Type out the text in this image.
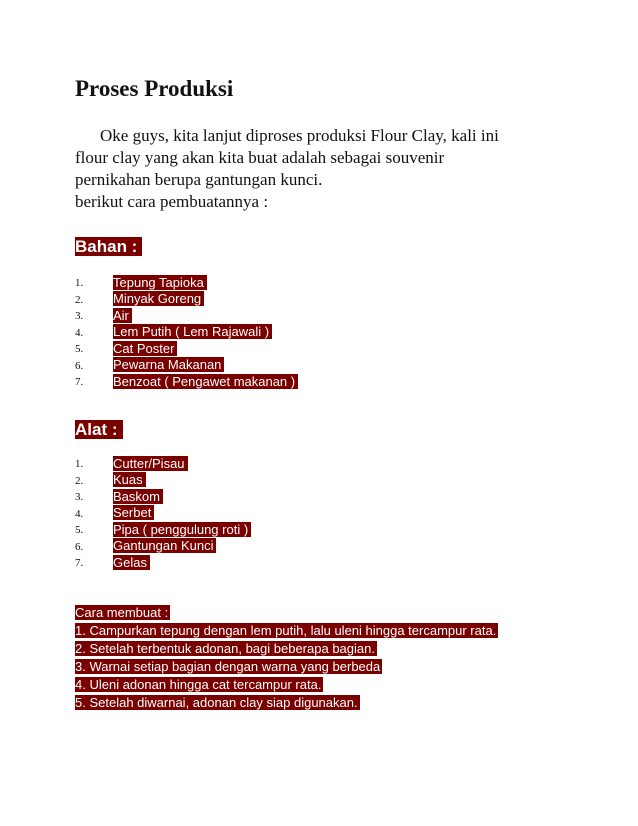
Proses Produksi

Oke guys, kita lanjut diproses produksi Flour Clay, kali ini

flour clay yang akan kita buat adalah sebagai souvenir

pernikahan berupa gantungan kunci.

berikut cara pembuatannya :

Bahan :
1.	Tepung Tapioka
2.	Minyak Goreng
3.	Air
4.	Lem Putih ( Lem Rajawali )
5.	Cat Poster
6.	Pewarna Makanan
7.	Benzoat ( Pengawet makanan )
Alat :
1.	Cutter/Pisau
2.	Kuas
3.	Baskom
4.	Serbet
5.	Pipa ( penggulung roti )
6.	Gantungan Kunci
7.	Gelas
Cara membuat :
1. Campurkan tepung dengan lem putih, lalu uleni hingga tercampur rata.
2. Setelah terbentuk adonan, bagi beberapa bagian.
3. Warnai setiap bagian dengan warna yang berbeda
4. Uleni adonan hingga cat tercampur rata.
5. Setelah diwarnai, adonan clay siap digunakan.
